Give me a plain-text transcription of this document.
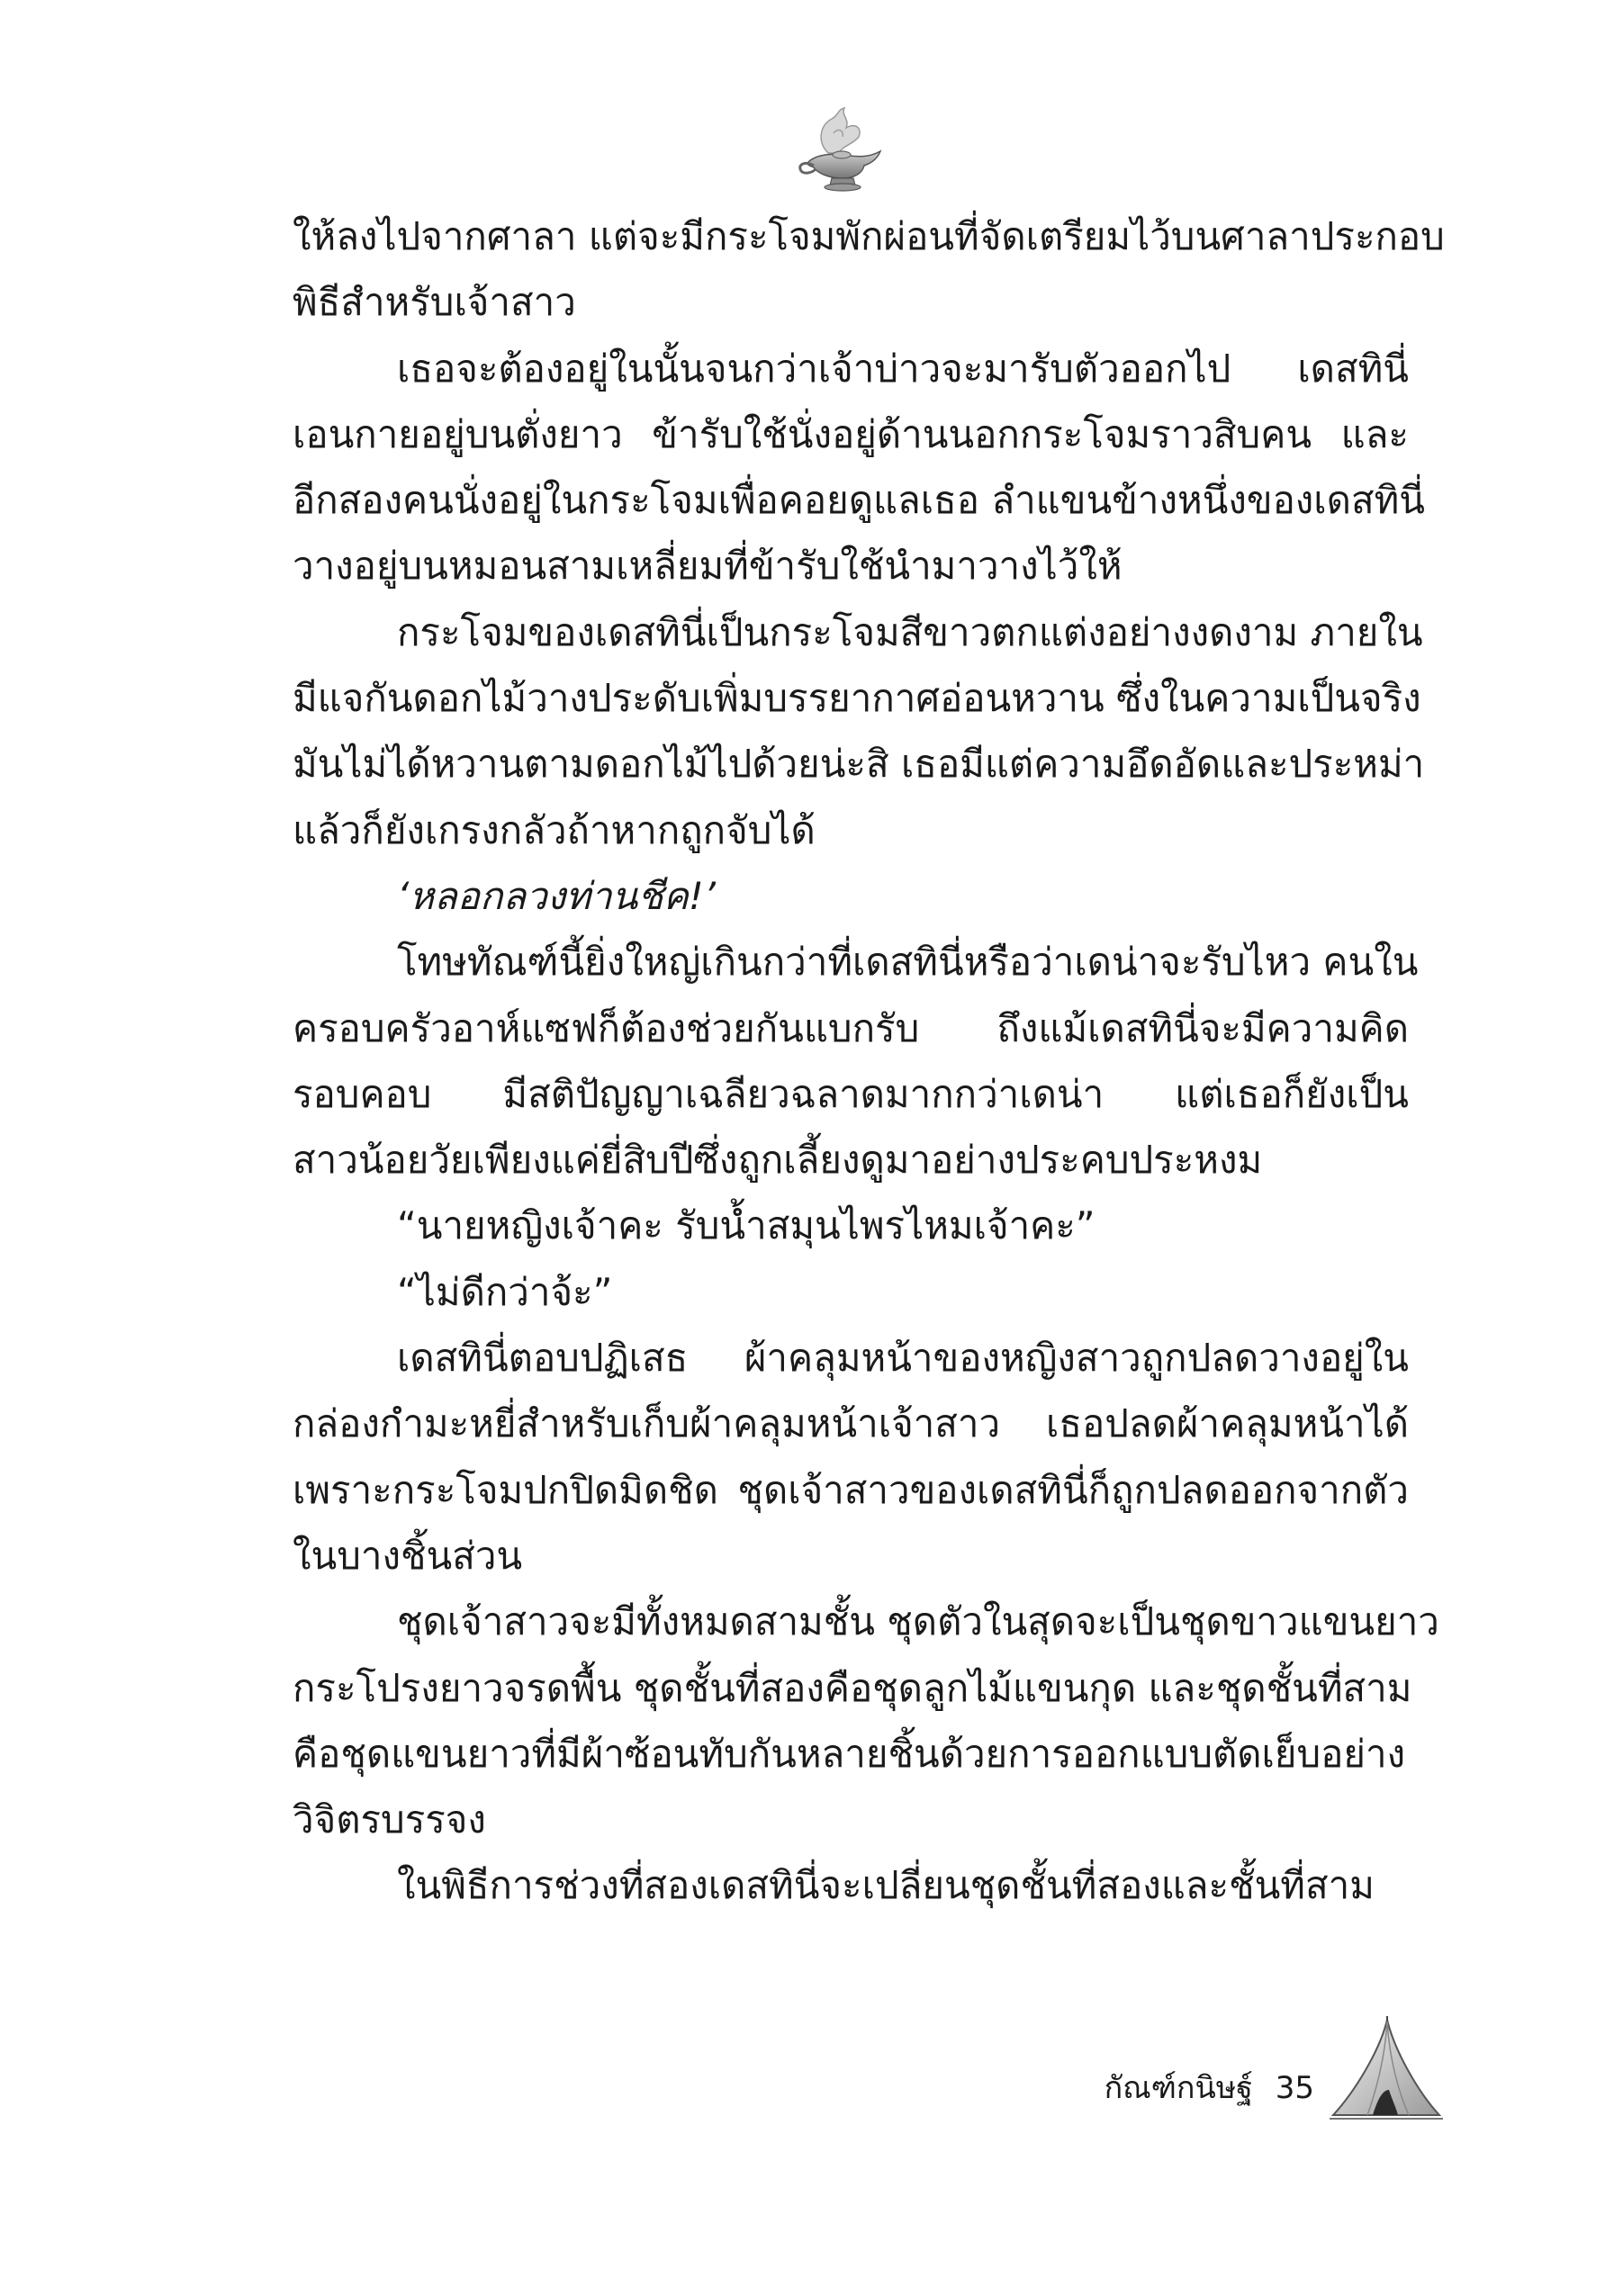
ให้ลงไปจากศาลา แต่จะมีกระโจมพักผ่อนที่จัดเตรียมไว้บนศาลาประกอบ
พิธีสำหรับเจ้าสาว
เธอจะต้องอยู่ในนั้นจนกว่าเจ้าบ่าวจะมารับตัวออกไป เดสทินี่
เอนกายอยู่บนตั่งยาว ข้ารับใช้นั่งอยู่ด้านนอกกระโจมราวสิบคน และ
อีกสองคนนั่งอยู่ในกระโจมเพื่อคอยดูแลเธอ ลำแขนข้างหนึ่งของเดสทินี่
วางอยู่บนหมอนสามเหลี่ยมที่ข้ารับใช้นำมาวางไว้ให้
กระโจมของเดสทินี่เป็นกระโจมสีขาวตกแต่งอย่างงดงาม ภายใน
มีแจกันดอกไม้วางประดับเพิ่มบรรยากาศอ่อนหวาน ซึ่งในความเป็นจริง
มันไม่ได้หวานตามดอกไม้ไปด้วยน่ะสิ เธอมีแต่ความอึดอัดและประหม่า
แล้วก็ยังเกรงกลัวถ้าหากถูกจับได้
‘หลอกลวงท่านชีค!’
โทษทัณฑ์นี้ยิ่งใหญ่เกินกว่าที่เดสทินี่หรือว่าเดน่าจะรับไหว คนใน
ครอบครัวอาห์แซฟก็ต้องช่วยกันแบกรับ ถึงแม้เดสทินี่จะมีความคิด
รอบคอบ มีสติปัญญาเฉลียวฉลาดมากกว่าเดน่า แต่เธอก็ยังเป็น
สาวน้อยวัยเพียงแค่ยี่สิบปีซึ่งถูกเลี้ยงดูมาอย่างประคบประหงม
“นายหญิงเจ้าคะ รับน้ำสมุนไพรไหมเจ้าคะ”
“ไม่ดีกว่าจ้ะ”
เดสทินี่ตอบปฏิเสธ ผ้าคลุมหน้าของหญิงสาวถูกปลดวางอยู่ใน
กล่องกำมะหยี่สำหรับเก็บผ้าคลุมหน้าเจ้าสาว เธอปลดผ้าคลุมหน้าได้
เพราะกระโจมปกปิดมิดชิด ชุดเจ้าสาวของเดสทินี่ก็ถูกปลดออกจากตัว
ในบางชิ้นส่วน
ชุดเจ้าสาวจะมีทั้งหมดสามชั้น ชุดตัวในสุดจะเป็นชุดขาวแขนยาว
กระโปรงยาวจรดพื้น ชุดชั้นที่สองคือชุดลูกไม้แขนกุด และชุดชั้นที่สาม
คือชุดแขนยาวที่มีผ้าซ้อนทับกันหลายชิ้นด้วยการออกแบบตัดเย็บอย่าง
วิจิตรบรรจง
ในพิธีการช่วงที่สองเดสทินี่จะเปลี่ยนชุดชั้นที่สองและชั้นที่สาม
กัณฑ์กนิษฐ์ 35
